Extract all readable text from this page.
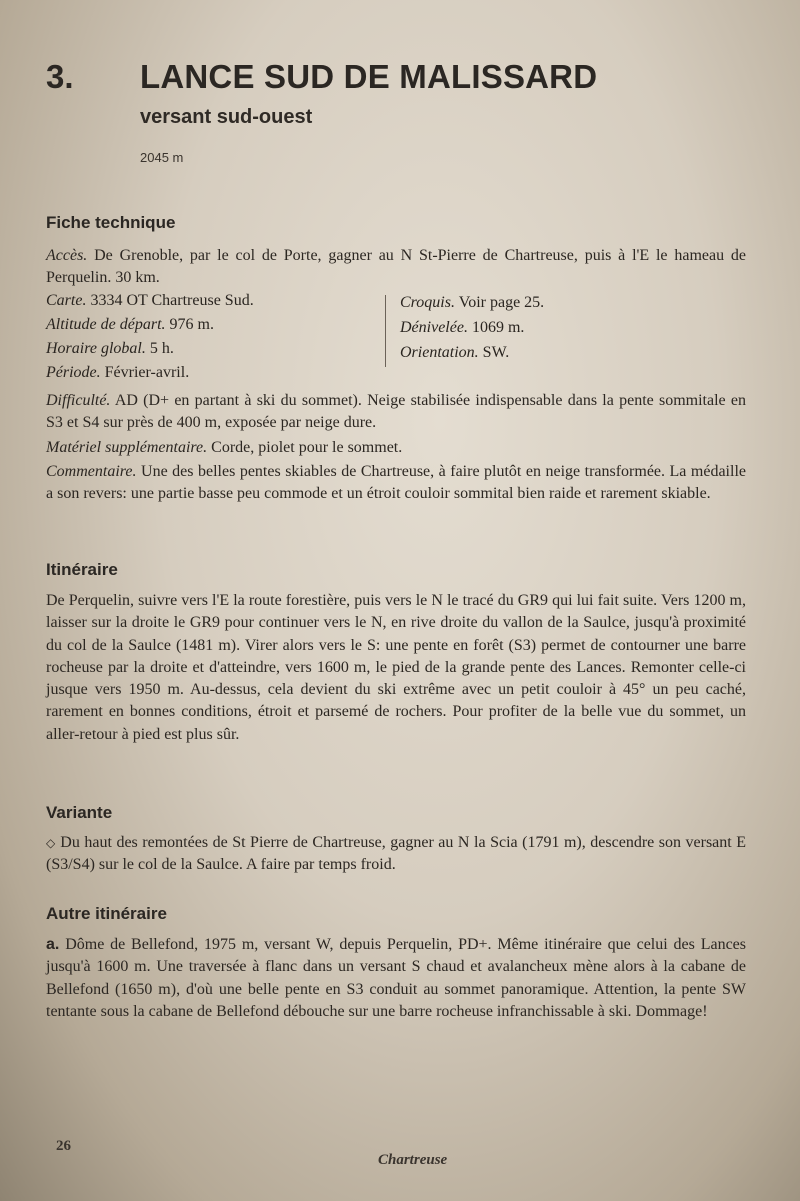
3. LANCE SUD DE MALISSARD
versant sud-ouest
2045 m
Fiche technique
Accès. De Grenoble, par le col de Porte, gagner au N St-Pierre de Chartreuse, puis à l'E le hameau de Perquelin. 30 km.
Carte. 3334 OT Chartreuse Sud.
Altitude de départ. 976 m.
Horaire global. 5 h.
Période. Février-avril.
Croquis. Voir page 25.
Dénivelée. 1069 m.
Orientation. SW.
Difficulté. AD (D+ en partant à ski du sommet). Neige stabilisée indispensable dans la pente sommitale en S3 et S4 sur près de 400 m, exposée par neige dure.
Matériel supplémentaire. Corde, piolet pour le sommet.
Commentaire. Une des belles pentes skiables de Chartreuse, à faire plutôt en neige transformée. La médaille a son revers: une partie basse peu commode et un étroit couloir sommital bien raide et rarement skiable.
Itinéraire
De Perquelin, suivre vers l'E la route forestière, puis vers le N le tracé du GR9 qui lui fait suite. Vers 1200 m, laisser sur la droite le GR9 pour continuer vers le N, en rive droite du vallon de la Saulce, jusqu'à proximité du col de la Saulce (1481 m). Virer alors vers le S: une pente en forêt (S3) permet de contourner une barre rocheuse par la droite et d'atteindre, vers 1600 m, le pied de la grande pente des Lances. Remonter celle-ci jusque vers 1950 m. Au-dessus, cela devient du ski extrême avec un petit couloir à 45° un peu caché, rarement en bonnes conditions, étroit et parsemé de rochers. Pour profiter de la belle vue du sommet, un aller-retour à pied est plus sûr.
Variante
◇ Du haut des remontées de St Pierre de Chartreuse, gagner au N la Scia (1791 m), descendre son versant E (S3/S4) sur le col de la Saulce. A faire par temps froid.
Autre itinéraire
a. Dôme de Bellefond, 1975 m, versant W, depuis Perquelin, PD+. Même itinéraire que celui des Lances jusqu'à 1600 m. Une traversée à flanc dans un versant S chaud et avalancheux mène alors à la cabane de Bellefond (1650 m), d'où une belle pente en S3 conduit au sommet panoramique. Attention, la pente SW tentante sous la cabane de Bellefond débouche sur une barre rocheuse infranchissable à ski. Dommage!
26
Chartreuse
